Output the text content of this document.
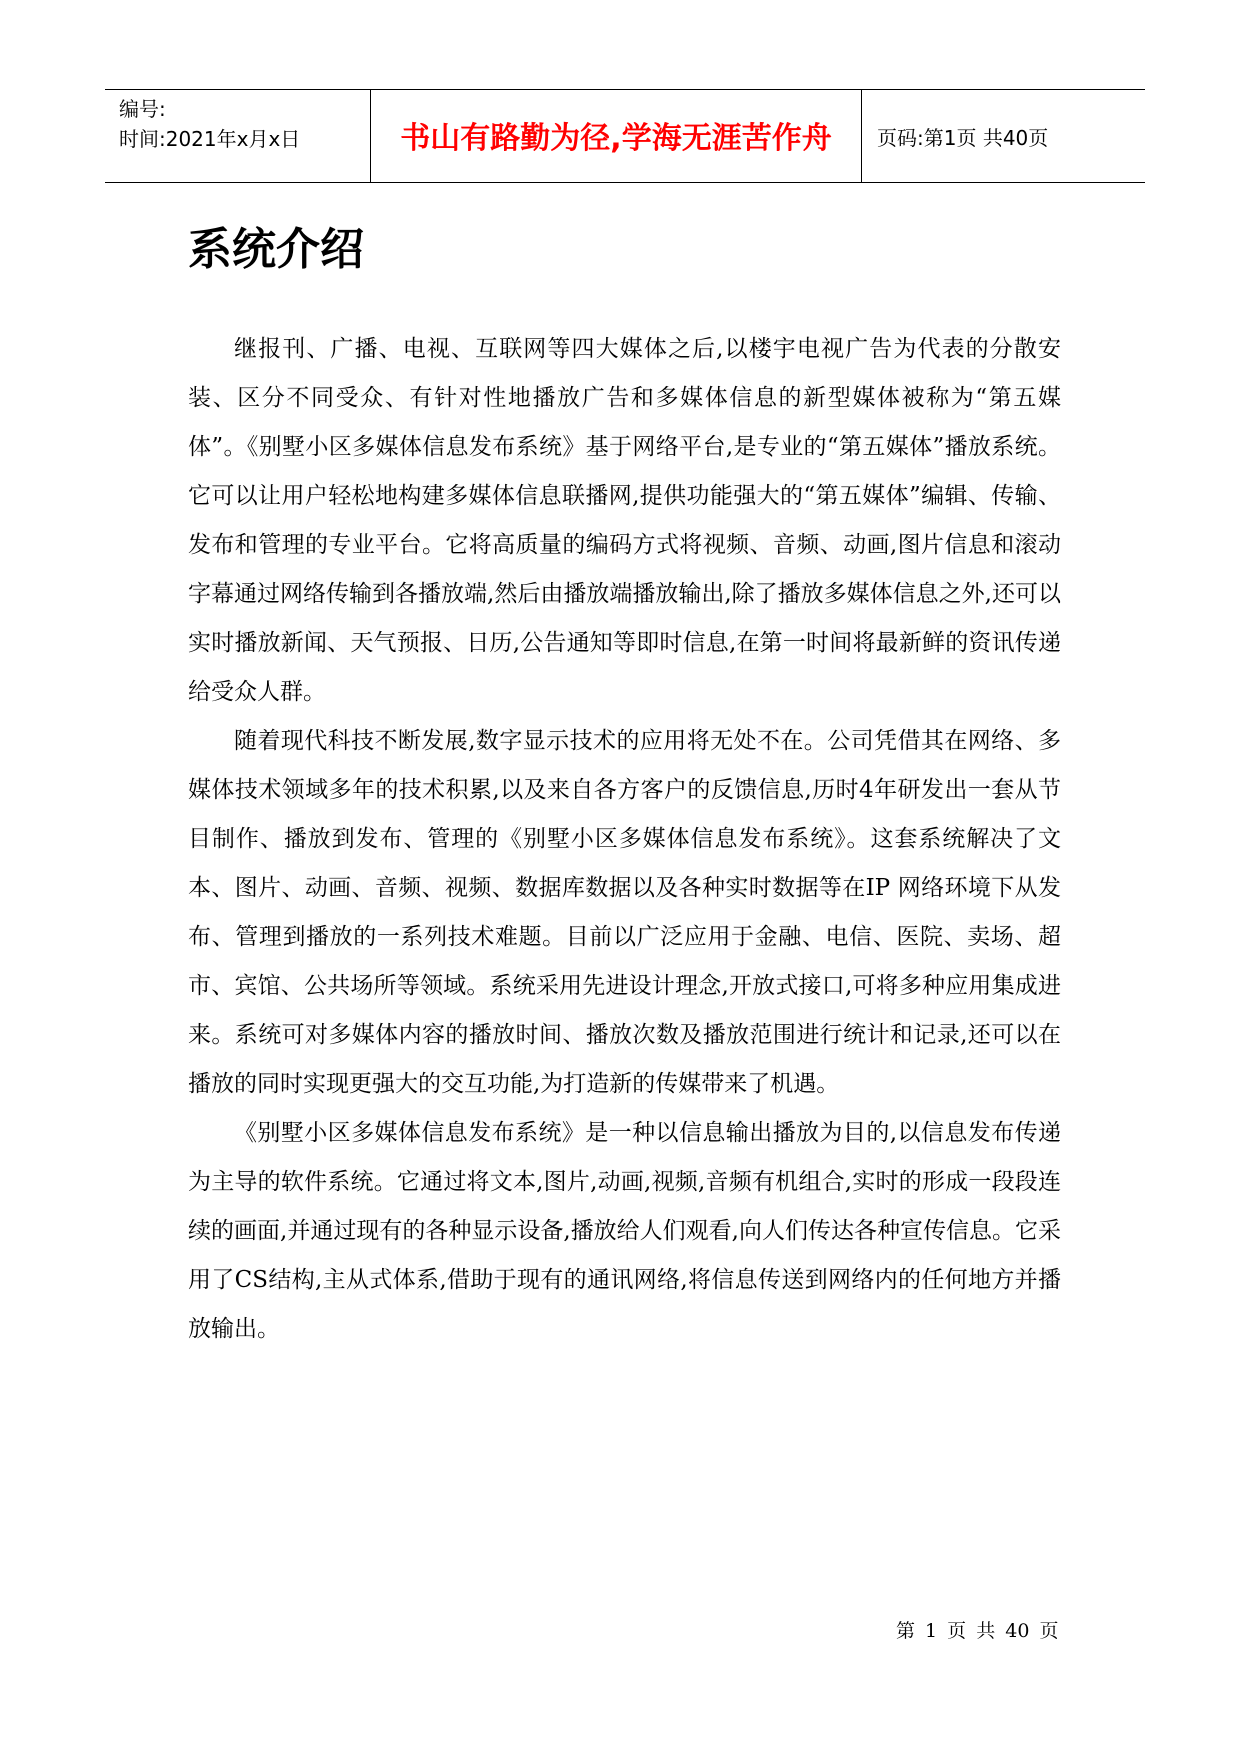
编号:
时间:2021年x月x日	书山有路勤为径,学海无涯苦作舟 页码:第1页 共40页
系统介绍

继报刊、广播、电视、互联网等四大媒体之后,以楼宇电视广告为代表的分散安装、区分不同受众、有针对性地播放广告和多媒体信息的新型媒体被称为“第五媒体”。《别墅小区多媒体信息发布系统》基于网络平台,是专业的“第五媒体”播放系统。它可以让用户轻松地构建多媒体信息联播网,提供功能强大的“第五媒体”编辑、传输、发布和管理的专业平台。它将高质量的编码方式将视频、音频、动画,图片信息和滚动字幕通过网络传输到各播放端,然后由播放端播放输出,除了播放多媒体信息之外,还可以实时播放新闻、天气预报、日历,公告通知等即时信息,在第一时间将最新鲜的资讯传递给受众人群。

随着现代科技不断发展,数字显示技术的应用将无处不在。公司凭借其在网络、多媒体技术领域多年的技术积累,以及来自各方客户的反馈信息,历时4年研发出一套从节目制作、播放到发布、管理的《别墅小区多媒体信息发布系统》。这套系统解决了文本、图片、动画、音频、视频、数据库数据以及各种实时数据等在IP 网络环境下从发布、管理到播放的一系列技术难题。目前以广泛应用于金融、电信、医院、卖场、超市、宾馆、公共场所等领域。系统采用先进设计理念,开放式接口,可将多种应用集成进来。系统可对多媒体内容的播放时间、播放次数及播放范围进行统计和记录,还可以在播放的同时实现更强大的交互功能,为打造新的传媒带来了机遇。

《别墅小区多媒体信息发布系统》是一种以信息输出播放为目的,以信息发布传递为主导的软件系统。它通过将文本,图片,动画,视频,音频有机组合,实时的形成一段段连续的画面,并通过现有的各种显示设备,播放给人们观看,向人们传达各种宣传信息。它采用了CS结构,主从式体系,借助于现有的通讯网络,将信息传送到网络内的任何地方并播放输出。

第 1 页 共 40 页
